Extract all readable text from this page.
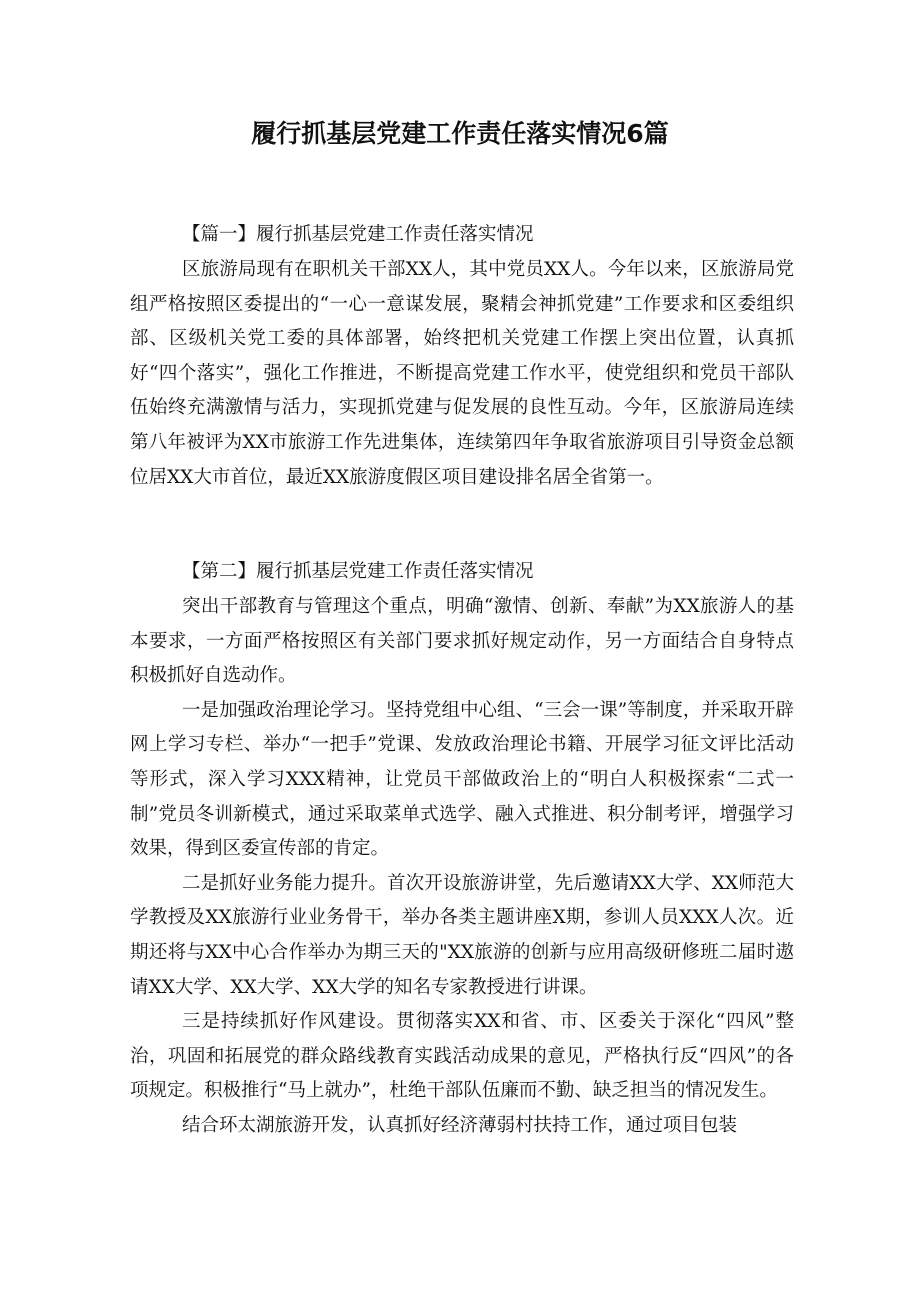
履行抓基层党建工作责任落实情况6篇

【篇一】履行抓基层党建工作责任落实情况

区旅游局现有在职机关干部XX人，其中党员XX人。今年以来，区旅游局党组严格按照区委提出的“一心一意谋发展，聚精会神抓党建”工作要求和区委组织部、区级机关党工委的具体部署，始终把机关党建工作摆上突出位置，认真抓好“四个落实”，强化工作推进，不断提高党建工作水平，使党组织和党员干部队伍始终充满激情与活力，实现抓党建与促发展的良性互动。今年，区旅游局连续第八年被评为XX市旅游工作先进集体，连续第四年争取省旅游项目引导资金总额位居XX大市首位，最近XX旅游度假区项目建设排名居全省第一。

【第二】履行抓基层党建工作责任落实情况

突出干部教育与管理这个重点，明确“激情、创新、奉献”为XX旅游人的基本要求，一方面严格按照区有关部门要求抓好规定动作，另一方面结合自身特点积极抓好自选动作。

一是加强政治理论学习。坚持党组中心组、“三会一课”等制度，并采取开辟网上学习专栏、举办“一把手”党课、发放政治理论书籍、开展学习征文评比活动等形式，深入学习XXX精神，让党员干部做政治上的“明白人积极探索“二式一制”党员冬训新模式，通过采取菜单式选学、融入式推进、积分制考评，增强学习效果，得到区委宣传部的肯定。

二是抓好业务能力提升。首次开设旅游讲堂，先后邀请XX大学、XX师范大学教授及XX旅游行业业务骨干，举办各类主题讲座X期，参训人员XXX人次。近期还将与XX中心合作举办为期三天的"XX旅游的创新与应用高级研修班二届时遨请XX大学、XX大学、XX大学的知名专家教授进行讲课。

三是持续抓好作风建设。贯彻落实XX和省、市、区委关于深化“四风”整治，巩固和拓展党的群众路线教育实践活动成果的意见，严格执行反“四风”的各项规定。积极推行“马上就办”，杜绝干部队伍廉而不勤、缺乏担当的情况发生。

结合环太湖旅游开发，认真抓好经济薄弱村扶持工作，通过项目包装
